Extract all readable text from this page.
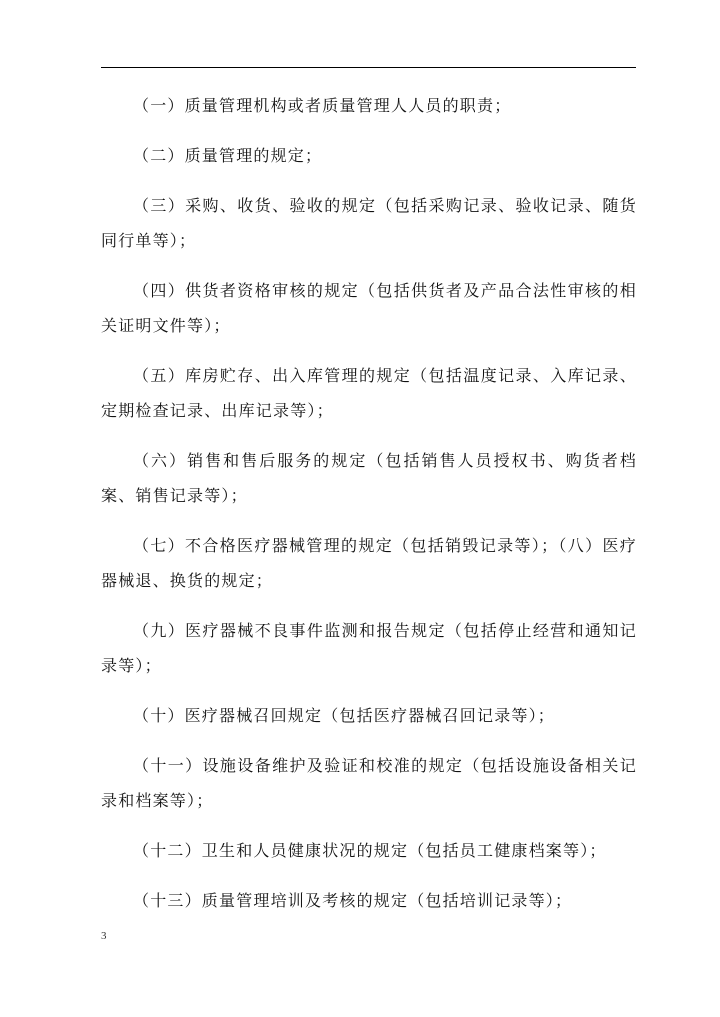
（一）质量管理机构或者质量管理人人员的职责；

（二）质量管理的规定；

（三）采购、收货、验收的规定（包括采购记录、验收记录、随货同行单等）；

（四）供货者资格审核的规定（包括供货者及产品合法性审核的相关证明文件等）；

（五）库房贮存、出入库管理的规定（包括温度记录、入库记录、定期检查记录、出库记录等）；

（六）销售和售后服务的规定（包括销售人员授权书、购货者档案、销售记录等）；

（七）不合格医疗器械管理的规定（包括销毁记录等）；（八）医疗器械退、换货的规定；

（九）医疗器械不良事件监测和报告规定（包括停止经营和通知记录等）；

（十）医疗器械召回规定（包括医疗器械召回记录等）；

（十一）设施设备维护及验证和校准的规定（包括设施设备相关记录和档案等）；

（十二）卫生和人员健康状况的规定（包括员工健康档案等）；

（十三）质量管理培训及考核的规定（包括培训记录等）；

3
